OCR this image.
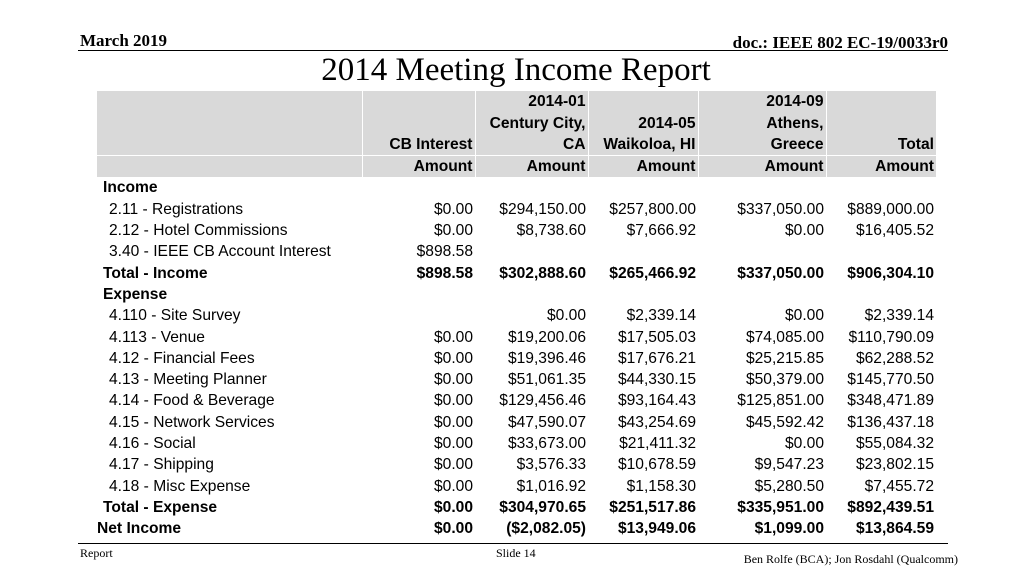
March 2019	doc.: IEEE 802 EC-19/0033r0
2014 Meeting Income Report
		2014-01		2014-09	
		Century City,	2014-05	Athens,	
	CB Interest	CA	Waikoloa, HI	Greece	Total
	Amount	Amount	Amount	Amount	Amount
Income					
2.11 - Registrations	$0.00	$294,150.00	$257,800.00	$337,050.00	$889,000.00
2.12 - Hotel Commissions	$0.00	$8,738.60	$7,666.92	$0.00	$16,405.52
3.40 - IEEE CB Account Interest	$898.58				
Total - Income	$898.58	$302,888.60	$265,466.92	$337,050.00	$906,304.10
Expense					
4.110 - Site Survey		$0.00	$2,339.14	$0.00	$2,339.14
4.113 - Venue	$0.00	$19,200.06	$17,505.03	$74,085.00	$110,790.09
4.12 - Financial Fees	$0.00	$19,396.46	$17,676.21	$25,215.85	$62,288.52
4.13 - Meeting Planner	$0.00	$51,061.35	$44,330.15	$50,379.00	$145,770.50
4.14 - Food & Beverage	$0.00	$129,456.46	$93,164.43	$125,851.00	$348,471.89
4.15 - Network Services	$0.00	$47,590.07	$43,254.69	$45,592.42	$136,437.18
4.16 - Social	$0.00	$33,673.00	$21,411.32	$0.00	$55,084.32
4.17 - Shipping	$0.00	$3,576.33	$10,678.59	$9,547.23	$23,802.15
4.18 - Misc Expense	$0.00	$1,016.92	$1,158.30	$5,280.50	$7,455.72
Total - Expense	$0.00	$304,970.65	$251,517.86	$335,951.00	$892,439.51
Net Income	$0.00	($2,082.05)	$13,949.06	$1,099.00	$13,864.59
Report	Slide 14	Ben Rolfe (BCA); Jon Rosdahl (Qualcomm)
